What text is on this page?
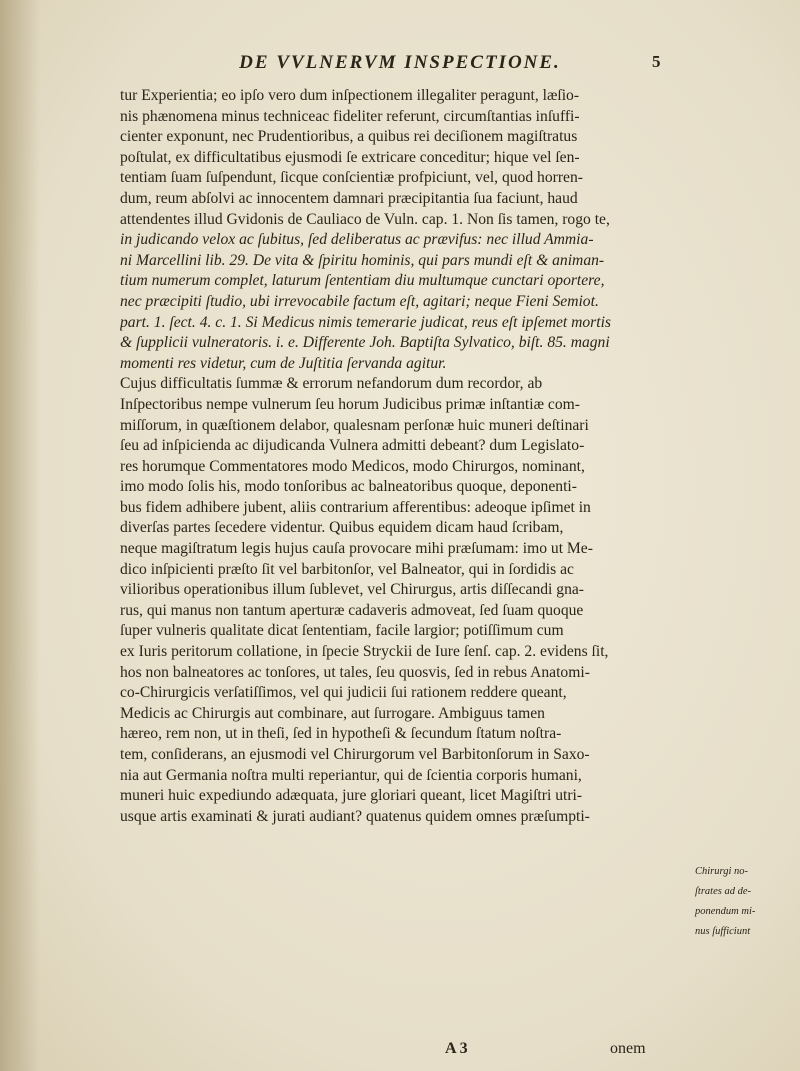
DE VVLNERVM INSPECTIONE.	5
tur Experientia; eo ipſo vero dum inſpectionem illegaliter peragunt, læſio-
nis phænomena minus techniceac fideliter referunt, circumſtantias inſuffi-
cienter exponunt, nec Prudentioribus, a quibus rei deciſionem magiſtratus
poſtulat, ex difficultatibus ejusmodi ſe extricare conceditur; hique vel ſen-
tentiam ſuam ſuſpendunt, ſicque conſcientiæ profpiciunt, vel, quod horren-
dum, reum abſolvi ac innocentem damnari præcipitantia ſua faciunt, haud
attendentes illud Gvidonis de Cauliaco de Vuln. cap. 1. Non ſis tamen, rogo te,
in judicando velox ac ſubitus, ſed deliberatus ac prævifus: nec illud Ammia-
ni Marcellini lib. 29. De vita & ſpiritu hominis, qui pars mundi eſt & animan-
tium numerum complet, laturum ſententiam diu multumque cunctari oportere,
nec præcipiti ſtudio, ubi irrevocabile factum eſt, agitari; neque Fieni Semiot.
part. 1. ſect. 4. c. 1. Si Medicus nimis temerarie judicat, reus eſt ipſemet mortis
& ſupplicii vulneratoris. i. e. Differente Joh. Baptiſta Sylvatico, biſt. 85. magni
momenti res videtur, cum de Juſtitia ſervanda agitur.
Cujus difficultatis ſummæ & errorum nefandorum dum recordor, ab
Inſpectoribus nempe vulnerum ſeu horum Judicibus primæ inſtantiæ com-
miſſorum, in quæſtionem delabor, qualesnam perſonæ huic muneri deſtinari
ſeu ad inſpicienda ac dijudicanda Vulnera admitti debeant? dum Legislato-
res horumque Commentatores modo Medicos, modo Chirurgos, nominant,
imo modo ſolis his, modo tonſoribus ac balneatoribus quoque, deponenti-
bus fidem adhibere jubent, aliis contrarium afferentibus: adeoque ipſimet in
diverſas partes ſecedere videntur. Quibus equidem dicam haud ſcribam,
neque magiſtratum legis hujus cauſa provocare mihi præſumam: imo ut Me-
dico inſpicienti præſto ſit vel barbitonſor, vel Balneator, qui in ſordidis ac
vilioribus operationibus illum ſublevet, vel Chirurgus, artis diſſecandi gna-
rus, qui manus non tantum aperturæ cadaveris admoveat, ſed ſuam quoque
ſuper vulneris qualitate dicat ſententiam, facile largior; potiſſimum cum
ex Iuris peritorum collatione, in ſpecie Stryckii de Iure ſenſ. cap. 2. evidens ſit,
hos non balneatores ac tonſores, ut tales, ſeu quosvis, ſed in rebus Anatomi-
co-Chirurgicis verſatiſſimos, vel qui judicii ſui rationem reddere queant,
Medicis ac Chirurgis aut combinare, aut ſurrogare. Ambiguus tamen
hæreo, rem non, ut in theſi, ſed in hypotheſi & ſecundum ſtatum noſtra-
tem, conſiderans, an ejusmodi vel Chirurgorum vel Barbitonſorum in Saxo-
nia aut Germania noſtra multi reperiantur, qui de ſcientia corporis humani,
muneri huic expediundo adæquata, jure gloriari queant, licet Magiſtri utri-
usque artis examinati & jurati audiant? quatenus quidem omnes præſumpti-
Chirurgi no-
ſtrates ad de-
ponendum mi-
nus ſufficiunt
A 3	onem
